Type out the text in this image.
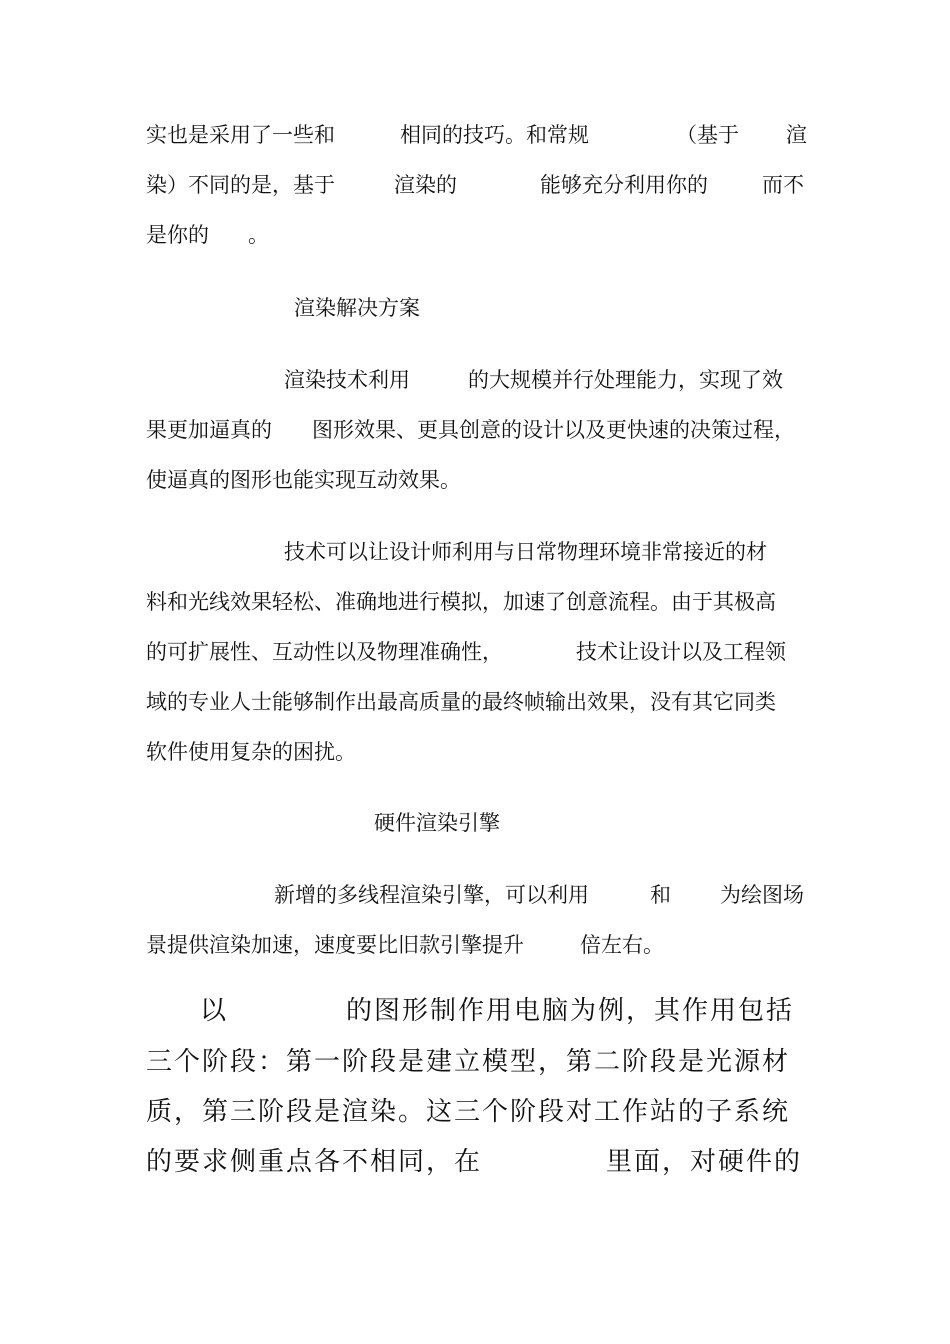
实也是采用了一些和	相同的技巧。和常规	（基于 渲
染）不同的是，基于	渲染的	能够充分利用你的	而不
是你的 。
渲染解决方案
渲染技术利用	的大规模并行处理能力，实现了效
果更加逼真的 图形效果、更具创意的设计以及更快速的决策过程，
使逼真的图形也能实现互动效果。
技术可以让设计师利用与日常物理环境非常接近的材
料和光线效果轻松、准确地进行模拟，加速了创意流程。由于其极高
的可扩展性、互动性以及物理准确性，	技术让设计以及工程领
域的专业人士能够制作出最高质量的最终帧输出效果，没有其它同类
软件使用复杂的困扰。
硬件渲染引擎
新增的多线程渲染引擎，可以利用	和 为绘图场
景提供渲染加速，速度要比旧款引擎提升	倍左右。
以	的图形制作用电脑为例，其作用包括
三个阶段：第一阶段是建立模型，第二阶段是光源材
质，第三阶段是渲染。这三个阶段对工作站的子系统
的要求侧重点各不相同，在	里面，对硬件的
